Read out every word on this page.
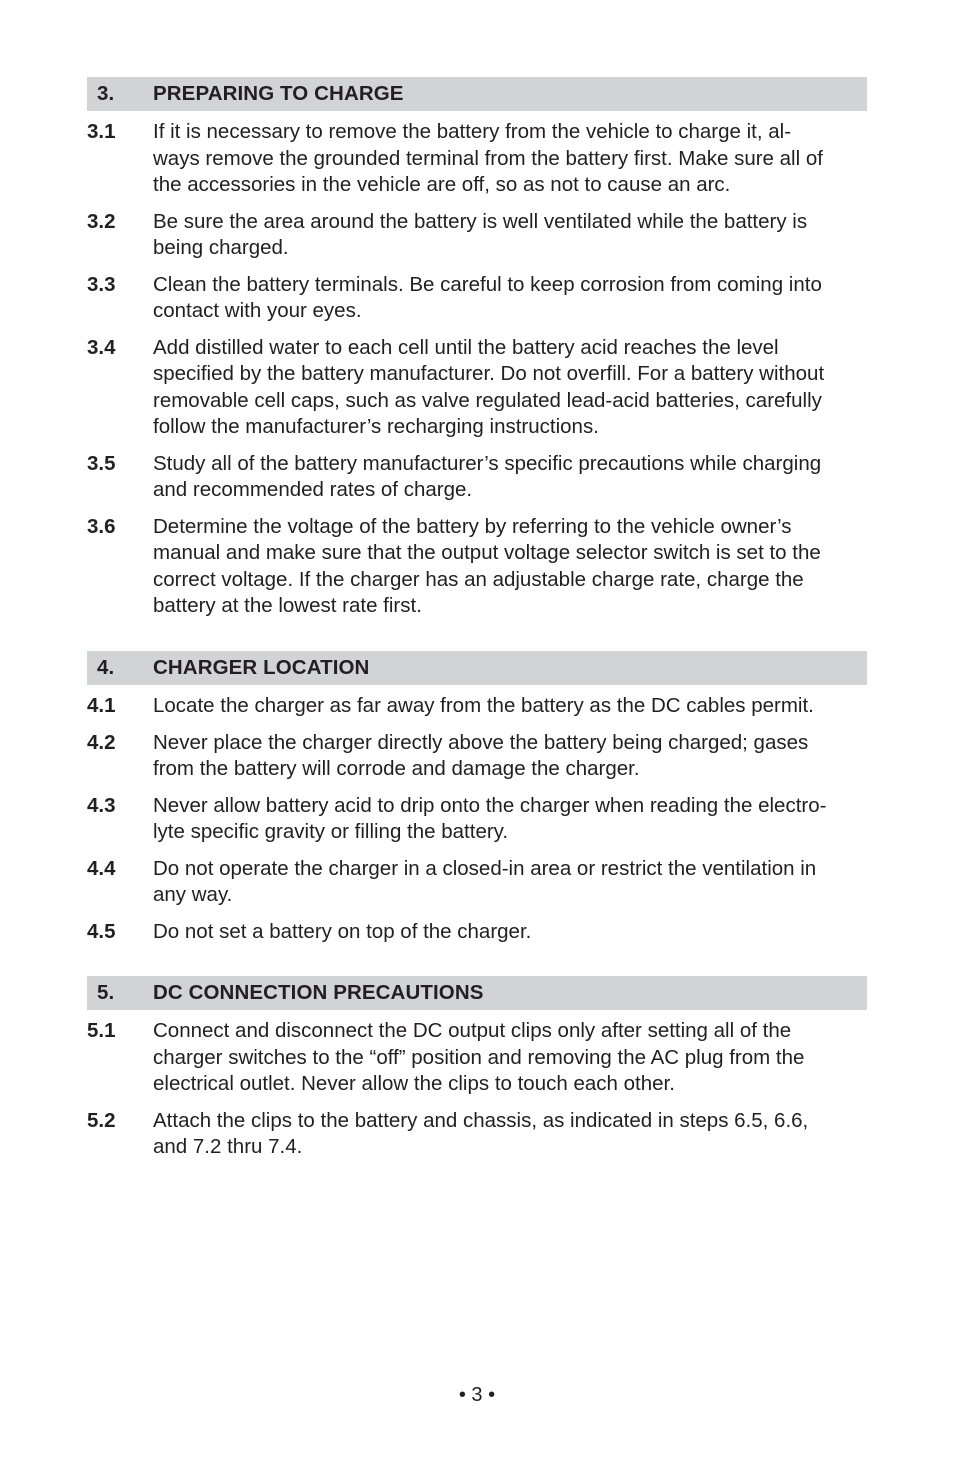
3.	PREPARING TO CHARGE
3.1	If it is necessary to remove the battery from the vehicle to charge it, al-
ways remove the grounded terminal from the battery first. Make sure all of
the accessories in the vehicle are off, so as not to cause an arc.
3.2	Be sure the area around the battery is well ventilated while the battery is
being charged.
3.3	Clean the battery terminals. Be careful to keep corrosion from coming into
contact with your eyes.
3.4	Add distilled water to each cell until the battery acid reaches the level
specified by the battery manufacturer. Do not overfill. For a battery without
removable cell caps, such as valve regulated lead-acid batteries, carefully
follow the manufacturer’s recharging instructions.
3.5	Study all of the battery manufacturer’s specific precautions while charging
and recommended rates of charge.
3.6	Determine the voltage of the battery by referring to the vehicle owner’s
manual and make sure that the output voltage selector switch is set to the
correct voltage. If the charger has an adjustable charge rate, charge the
battery at the lowest rate first.
4.	CHARGER LOCATION
4.1	Locate the charger as far away from the battery as the DC cables permit.
4.2	Never place the charger directly above the battery being charged; gases
from the battery will corrode and damage the charger.
4.3	Never allow battery acid to drip onto the charger when reading the electro-
lyte specific gravity or filling the battery.
4.4	Do not operate the charger in a closed-in area or restrict the ventilation in
any way.
4.5	Do not set a battery on top of the charger.
5.	DC CONNECTION PRECAUTIONS
5.1	Connect and disconnect the DC output clips only after setting all of the
charger switches to the “off” position and removing the AC plug from the
electrical outlet. Never allow the clips to touch each other.
5.2	Attach the clips to the battery and chassis, as indicated in steps 6.5, 6.6,
and 7.2 thru 7.4.
• 3 •
